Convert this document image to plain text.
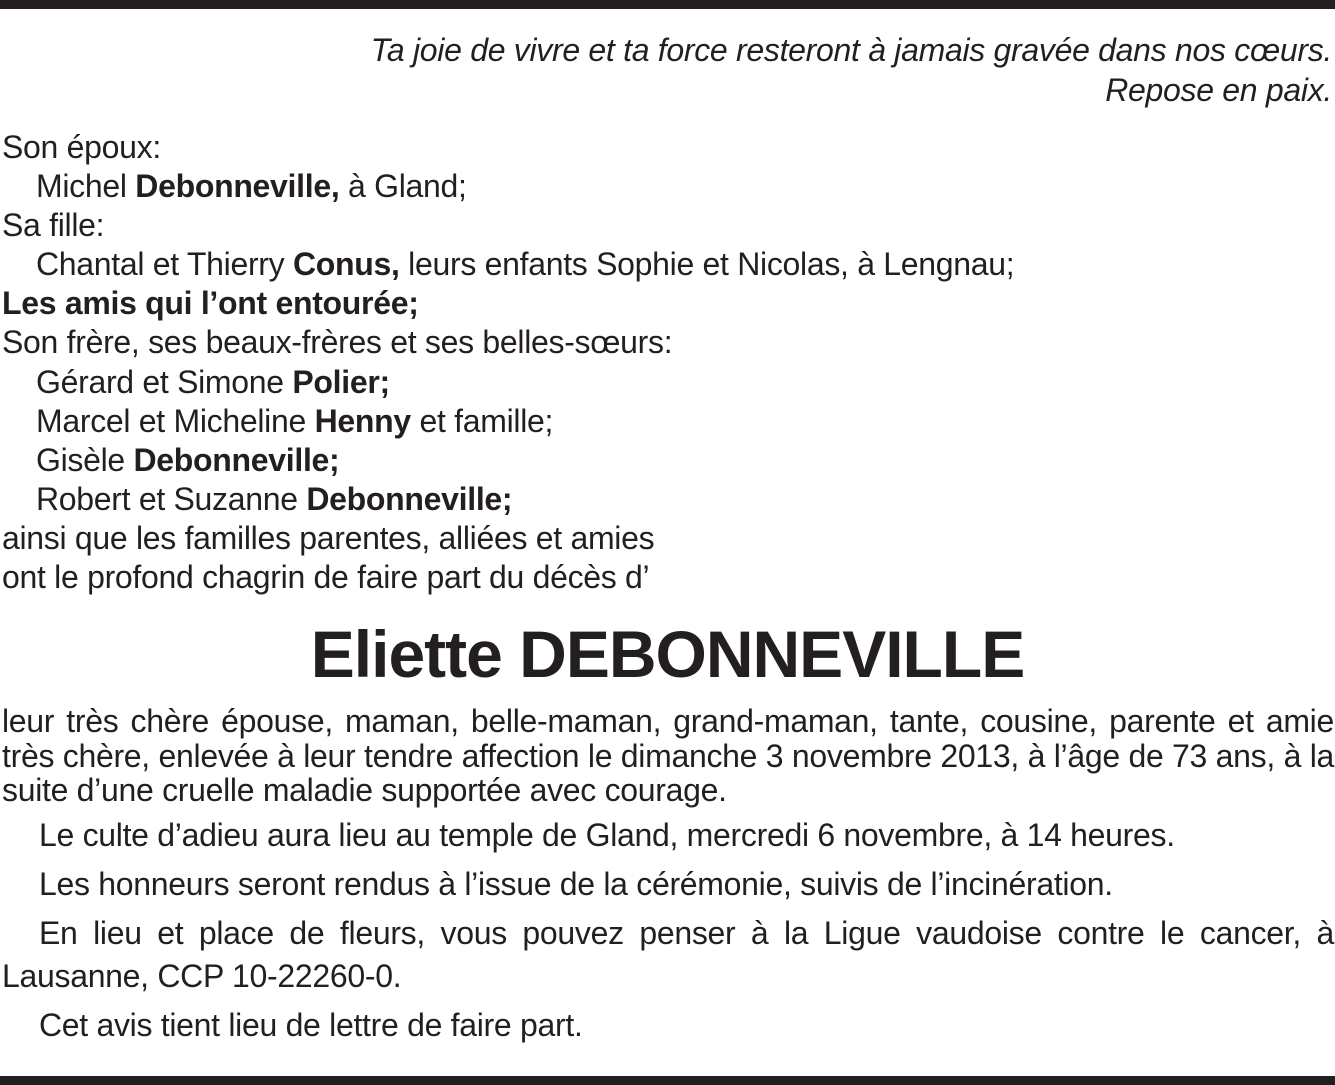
Ta joie de vivre et ta force resteront à jamais gravée dans nos cœurs.
Repose en paix.
Son époux:
Michel Debonneville, à Gland;
Sa fille:
Chantal et Thierry Conus, leurs enfants Sophie et Nicolas, à Lengnau;
Les amis qui l’ont entourée;
Son frère, ses beaux-frères et ses belles-sœurs:
Gérard et Simone Polier;
Marcel et Micheline Henny et famille;
Gisèle Debonneville;
Robert et Suzanne Debonneville;
ainsi que les familles parentes, alliées et amies
ont le profond chagrin de faire part du décès d’
Eliette DEBONNEVILLE
leur très chère épouse, maman, belle-maman, grand-maman, tante, cousine, parente et amie très chère, enlevée à leur tendre affection le dimanche 3 novembre 2013, à l’âge de 73 ans, à la suite d’une cruelle maladie supportée avec courage.
Le culte d’adieu aura lieu au temple de Gland, mercredi 6 novembre, à 14 heures.
Les honneurs seront rendus à l’issue de la cérémonie, suivis de l’incinération.
En lieu et place de fleurs, vous pouvez penser à la Ligue vaudoise contre le cancer, à Lausanne, CCP 10-22260-0.
Cet avis tient lieu de lettre de faire part.
